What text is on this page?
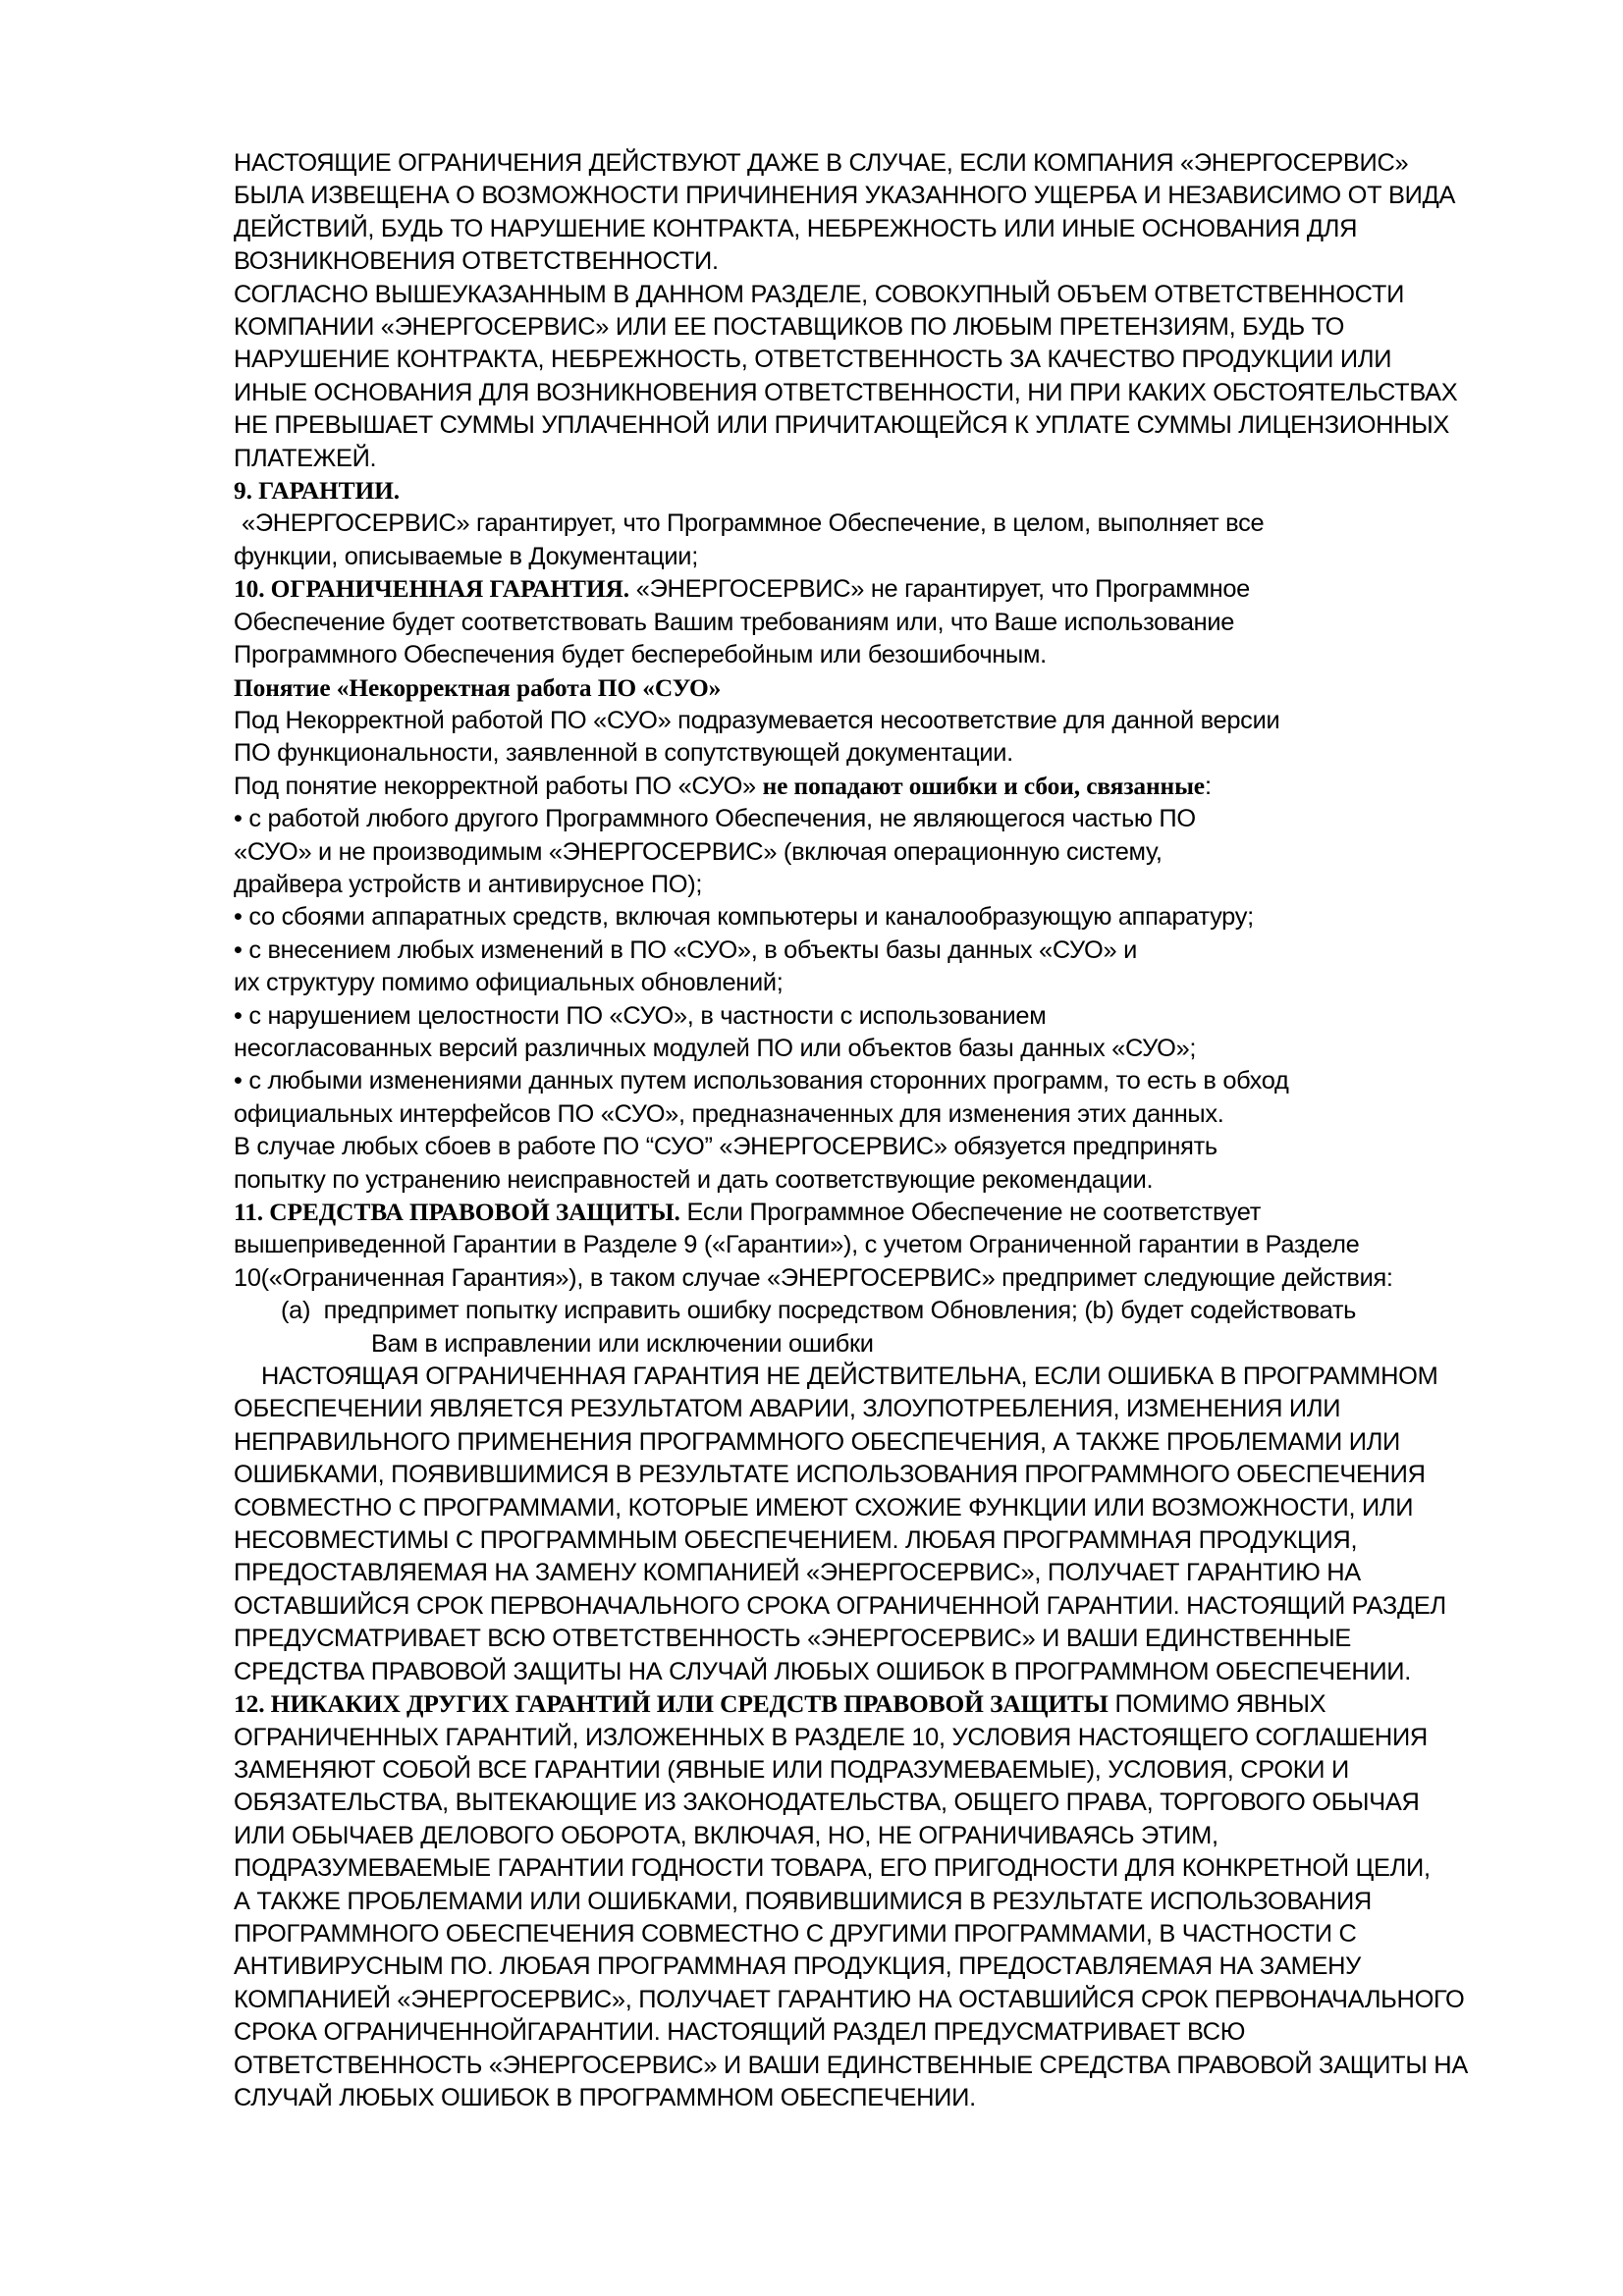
НАСТОЯЩИЕ ОГРАНИЧЕНИЯ ДЕЙСТВУЮТ ДАЖЕ В СЛУЧАЕ, ЕСЛИ КОМПАНИЯ «ЭНЕРГОСЕРВИС»

БЫЛА ИЗВЕЩЕНА О ВОЗМОЖНОСТИ ПРИЧИНЕНИЯ УКАЗАННОГО УЩЕРБА И НЕЗАВИСИМО ОТ ВИДА

ДЕЙСТВИЙ, БУДЬ ТО НАРУШЕНИЕ КОНТРАКТА, НЕБРЕЖНОСТЬ ИЛИ ИНЫЕ ОСНОВАНИЯ ДЛЯ

ВОЗНИКНОВЕНИЯ ОТВЕТСТВЕННОСТИ.

СОГЛАСНО ВЫШЕУКАЗАННЫМ В ДАННОМ РАЗДЕЛЕ, СОВОКУПНЫЙ ОБЪЕМ ОТВЕТСТВЕННОСТИ

КОМПАНИИ «ЭНЕРГОСЕРВИС» ИЛИ ЕЕ ПОСТАВЩИКОВ ПО ЛЮБЫМ ПРЕТЕНЗИЯМ, БУДЬ ТО

НАРУШЕНИЕ КОНТРАКТА, НЕБРЕЖНОСТЬ, ОТВЕТСТВЕННОСТЬ ЗА КАЧЕСТВО ПРОДУКЦИИ ИЛИ

ИНЫЕ ОСНОВАНИЯ ДЛЯ ВОЗНИКНОВЕНИЯ ОТВЕТСТВЕННОСТИ, НИ ПРИ КАКИХ ОБСТОЯТЕЛЬСТВАХ

НЕ ПРЕВЫШАЕТ СУММЫ УПЛАЧЕННОЙ ИЛИ ПРИЧИТАЮЩЕЙСЯ К УПЛАТЕ СУММЫ ЛИЦЕНЗИОННЫХ

ПЛАТЕЖЕЙ.

9. ГАРАНТИИ.

«ЭНЕРГОСЕРВИС» гарантирует, что Программное Обеспечение, в целом, выполняет все

функции, описываемые в Документации;

10. ОГРАНИЧЕННАЯ ГАРАНТИЯ. «ЭНЕРГОСЕРВИС» не гарантирует, что Программное

Обеспечение будет соответствовать Вашим требованиям или, что Ваше использование

Программного Обеспечения будет бесперебойным или безошибочным.

Понятие «Некорректная работа ПО «СУО»

Под Некорректной работой ПО «СУО» подразумевается несоответствие для данной версии

ПО функциональности, заявленной в сопутствующей документации.

Под понятие некорректной работы ПО «СУО» не попадают ошибки и сбои, связанные:

• с работой любого другого Программного Обеспечения, не являющегося частью ПО

«СУО» и не производимым «ЭНЕРГОСЕРВИС» (включая операционную систему,

драйвера устройств и антивирусное ПО);

• со сбоями аппаратных средств, включая компьютеры и каналообразующую аппаратуру;

• с внесением любых изменений в ПО «СУО», в объекты базы данных «СУО» и

их структуру помимо официальных обновлений;

• с нарушением целостности ПО «СУО», в частности с использованием

несогласованных версий различных модулей ПО или объектов базы данных «СУО»;

• с любыми изменениями данных путем использования сторонних программ, то есть в обход

официальных интерфейсов ПО «СУО», предназначенных для изменения этих данных.

В случае любых сбоев в работе ПО “СУО” «ЭНЕРГОСЕРВИС» обязуется предпринять

попытку по устранению неисправностей и дать соответствующие рекомендации.

11. СРЕДСТВА ПРАВОВОЙ ЗАЩИТЫ. Если Программное Обеспечение не соответствует

вышеприведенной Гарантии в Разделе 9 («Гарантии»), с учетом Ограниченной гарантии в Разделе

10(«Ограниченная Гарантия»), в таком случае «ЭНЕРГОСЕРВИС» предпримет следующие действия:

(a)  предпримет попытку исправить ошибку посредством Обновления; (b) будет содействовать

Вам в исправлении или исключении ошибки

НАСТОЯЩАЯ ОГРАНИЧЕННАЯ ГАРАНТИЯ НЕ ДЕЙСТВИТЕЛЬНА, ЕСЛИ ОШИБКА В ПРОГРАММНОМ

ОБЕСПЕЧЕНИИ ЯВЛЯЕТСЯ РЕЗУЛЬТАТОМ АВАРИИ, ЗЛОУПОТРЕБЛЕНИЯ, ИЗМЕНЕНИЯ ИЛИ

НЕПРАВИЛЬНОГО ПРИМЕНЕНИЯ ПРОГРАММНОГО ОБЕСПЕЧЕНИЯ, А ТАКЖЕ ПРОБЛЕМАМИ ИЛИ

ОШИБКАМИ, ПОЯВИВШИМИСЯ В РЕЗУЛЬТАТЕ ИСПОЛЬЗОВАНИЯ ПРОГРАММНОГО ОБЕСПЕЧЕНИЯ

СОВМЕСТНО С ПРОГРАММАМИ, КОТОРЫЕ ИМЕЮТ СХОЖИЕ ФУНКЦИИ ИЛИ ВОЗМОЖНОСТИ, ИЛИ

НЕСОВМЕСТИМЫ С ПРОГРАММНЫМ ОБЕСПЕЧЕНИЕМ. ЛЮБАЯ ПРОГРАММНАЯ ПРОДУКЦИЯ,

ПРЕДОСТАВЛЯЕМАЯ НА ЗАМЕНУ КОМПАНИЕЙ «ЭНЕРГОСЕРВИС», ПОЛУЧАЕТ ГАРАНТИЮ НА

ОСТАВШИЙСЯ СРОК ПЕРВОНАЧАЛЬНОГО СРОКА ОГРАНИЧЕННОЙ ГАРАНТИИ. НАСТОЯЩИЙ РАЗДЕЛ

ПРЕДУСМАТРИВАЕТ ВСЮ ОТВЕТСТВЕННОСТЬ «ЭНЕРГОСЕРВИС» И ВАШИ ЕДИНСТВЕННЫЕ

СРЕДСТВА ПРАВОВОЙ ЗАЩИТЫ НА СЛУЧАЙ ЛЮБЫХ ОШИБОК В ПРОГРАММНОМ ОБЕСПЕЧЕНИИ.

12. НИКАКИХ ДРУГИХ ГАРАНТИЙ ИЛИ СРЕДСТВ ПРАВОВОЙ ЗАЩИТЫ ПОМИМО ЯВНЫХ

ОГРАНИЧЕННЫХ ГАРАНТИЙ, ИЗЛОЖЕННЫХ В РАЗДЕЛЕ 10, УСЛОВИЯ НАСТОЯЩЕГО СОГЛАШЕНИЯ

ЗАМЕНЯЮТ СОБОЙ ВСЕ ГАРАНТИИ (ЯВНЫЕ ИЛИ ПОДРАЗУМЕВАЕМЫЕ), УСЛОВИЯ, СРОКИ И

ОБЯЗАТЕЛЬСТВА, ВЫТЕКАЮЩИЕ ИЗ ЗАКОНОДАТЕЛЬСТВА, ОБЩЕГО ПРАВА, ТОРГОВОГО ОБЫЧАЯ

ИЛИ ОБЫЧАЕВ ДЕЛОВОГО ОБОРОТА, ВКЛЮЧАЯ, НО, НЕ ОГРАНИЧИВАЯСЬ ЭТИМ,

ПОДРАЗУМЕВАЕМЫЕ ГАРАНТИИ ГОДНОСТИ ТОВАРА, ЕГО ПРИГОДНОСТИ ДЛЯ КОНКРЕТНОЙ ЦЕЛИ,

А ТАКЖЕ ПРОБЛЕМАМИ ИЛИ ОШИБКАМИ, ПОЯВИВШИМИСЯ В РЕЗУЛЬТАТЕ ИСПОЛЬЗОВАНИЯ

ПРОГРАММНОГО ОБЕСПЕЧЕНИЯ СОВМЕСТНО С ДРУГИМИ ПРОГРАММАМИ, В ЧАСТНОСТИ С

АНТИВИРУСНЫМ ПО. ЛЮБАЯ ПРОГРАММНАЯ ПРОДУКЦИЯ, ПРЕДОСТАВЛЯЕМАЯ НА ЗАМЕНУ

КОМПАНИЕЙ «ЭНЕРГОСЕРВИС», ПОЛУЧАЕТ ГАРАНТИЮ НА ОСТАВШИЙСЯ СРОК ПЕРВОНАЧАЛЬНОГО

СРОКА ОГРАНИЧЕННОЙГАРАНТИИ. НАСТОЯЩИЙ РАЗДЕЛ ПРЕДУСМАТРИВАЕТ ВСЮ

ОТВЕТСТВЕННОСТЬ «ЭНЕРГОСЕРВИС» И ВАШИ ЕДИНСТВЕННЫЕ СРЕДСТВА ПРАВОВОЙ ЗАЩИТЫ НА

СЛУЧАЙ ЛЮБЫХ ОШИБОК В ПРОГРАММНОМ ОБЕСПЕЧЕНИИ.
